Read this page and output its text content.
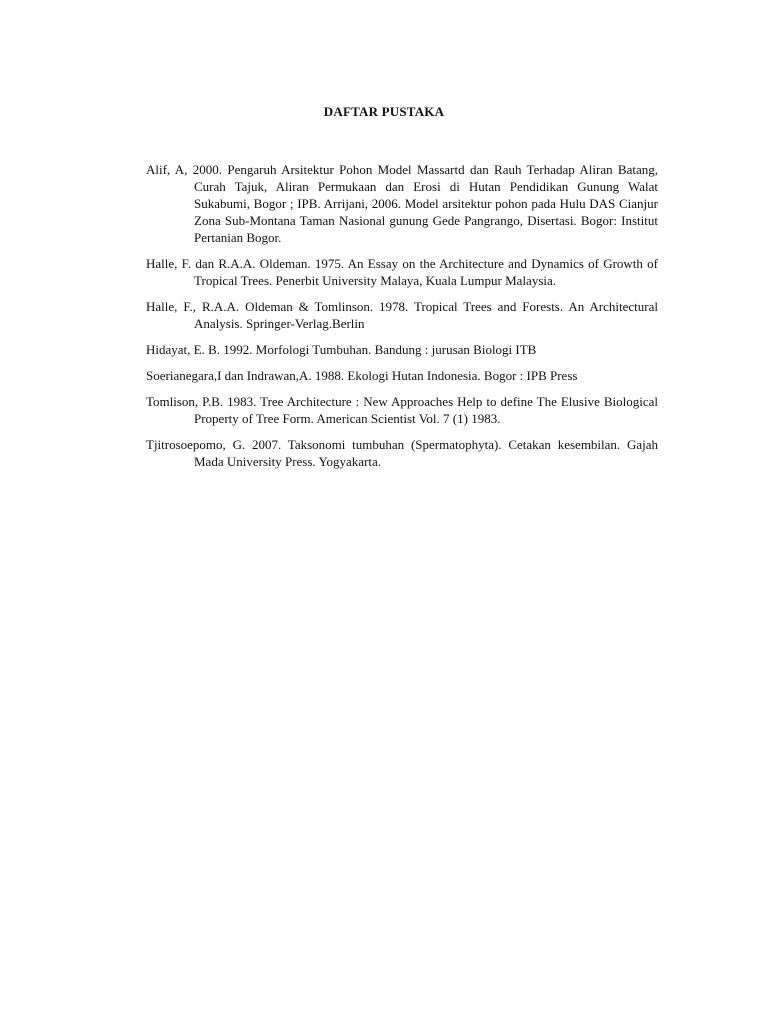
DAFTAR PUSTAKA
Alif, A, 2000. Pengaruh Arsitektur Pohon Model Massartd dan Rauh Terhadap Aliran Batang, Curah Tajuk, Aliran Permukaan dan Erosi di Hutan Pendidikan Gunung Walat Sukabumi, Bogor ; IPB. Arrijani, 2006. Model arsitektur pohon pada Hulu DAS Cianjur Zona Sub-Montana Taman Nasional gunung Gede Pangrango, Disertasi. Bogor: Institut Pertanian Bogor.
Halle, F. dan R.A.A. Oldeman. 1975. An Essay on the Architecture and Dynamics of Growth of Tropical Trees. Penerbit University Malaya, Kuala Lumpur Malaysia.
Halle, F., R.A.A. Oldeman & Tomlinson. 1978. Tropical Trees and Forests. An Architectural Analysis. Springer-Verlag.Berlin
Hidayat, E. B. 1992. Morfologi Tumbuhan. Bandung : jurusan Biologi ITB
Soerianegara,I dan Indrawan,A. 1988. Ekologi Hutan Indonesia. Bogor : IPB Press
Tomlison, P.B. 1983. Tree Architecture : New Approaches Help to define The Elusive Biological Property of Tree Form. American Scientist Vol. 7 (1) 1983.
Tjitrosoepomo, G. 2007. Taksonomi tumbuhan (Spermatophyta). Cetakan kesembilan. Gajah Mada University Press. Yogyakarta.
